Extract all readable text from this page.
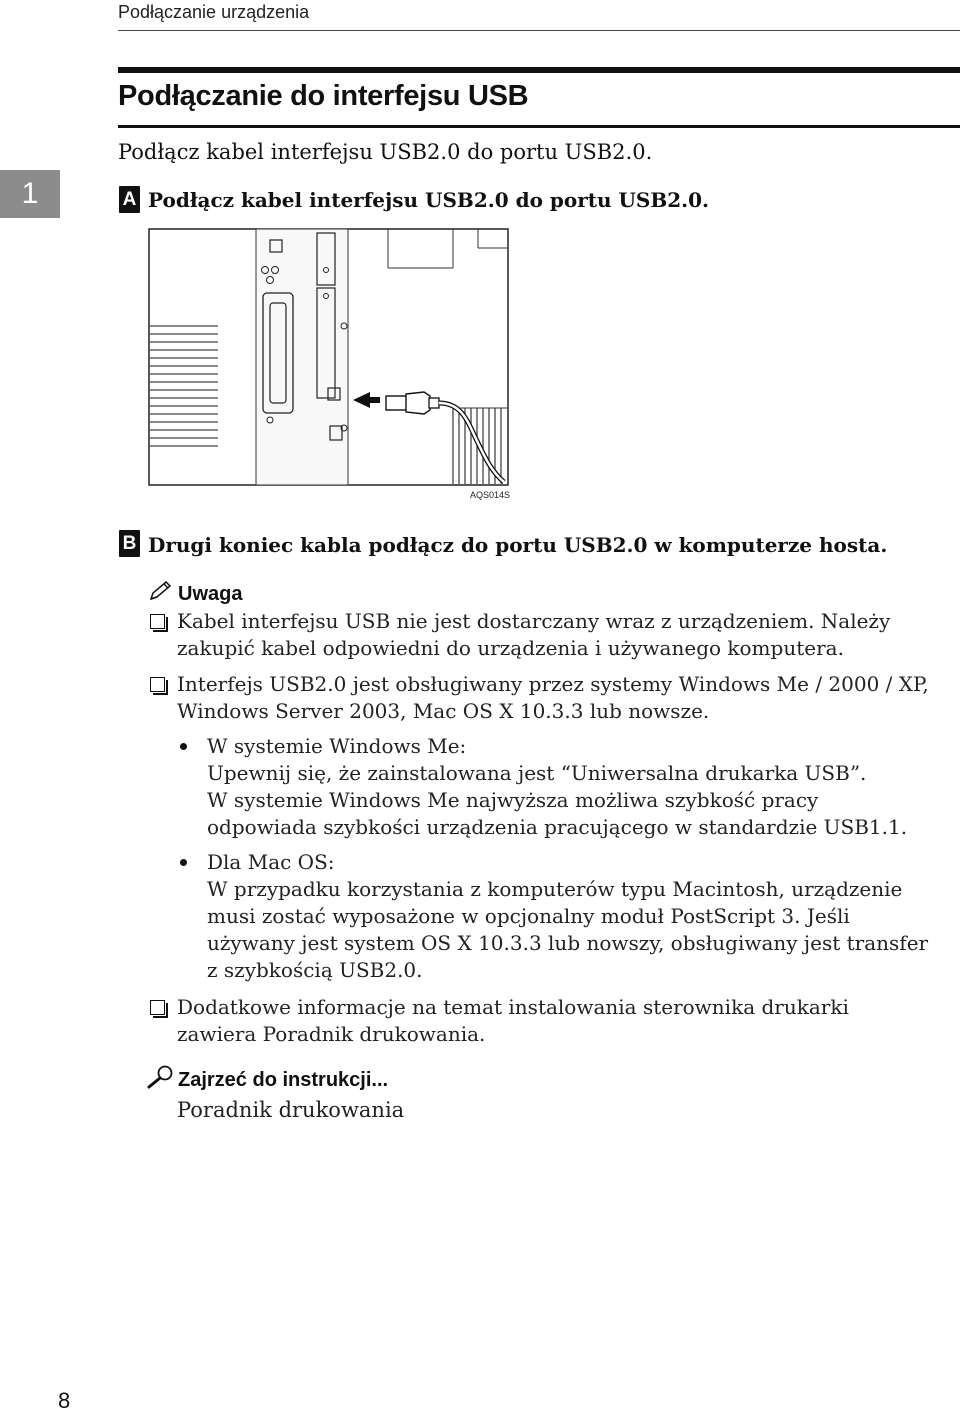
Podłączanie urządzenia
1
Podłączanie do interfejsu USB
Podłącz kabel interfejsu USB2.0 do portu USB2.0.
A Podłącz kabel interfejsu USB2.0 do portu USB2.0.
AQS014S
B Drugi koniec kabla podłącz do portu USB2.0 w komputerze hosta.
Uwaga
Kabel interfejsu USB nie jest dostarczany wraz z urządzeniem. Należy
zakupić kabel odpowiedni do urządzenia i używanego komputera.
Interfejs USB2.0 jest obsługiwany przez systemy Windows Me / 2000 / XP,
Windows Server 2003, Mac OS X 10.3.3 lub nowsze.
W systemie Windows Me:
Upewnij się, że zainstalowana jest “Uniwersalna drukarka USB”.
W systemie Windows Me najwyższa możliwa szybkość pracy
odpowiada szybkości urządzenia pracującego w standardzie USB1.1.
Dla Mac OS:
W przypadku korzystania z komputerów typu Macintosh, urządzenie
musi zostać wyposażone w opcjonalny moduł PostScript 3. Jeśli
używany jest system OS X 10.3.3 lub nowszy, obsługiwany jest transfer
z szybkością USB2.0.
Dodatkowe informacje na temat instalowania sterownika drukarki
zawiera Poradnik drukowania.
Zajrzeć do instrukcji...
Poradnik drukowania
8
